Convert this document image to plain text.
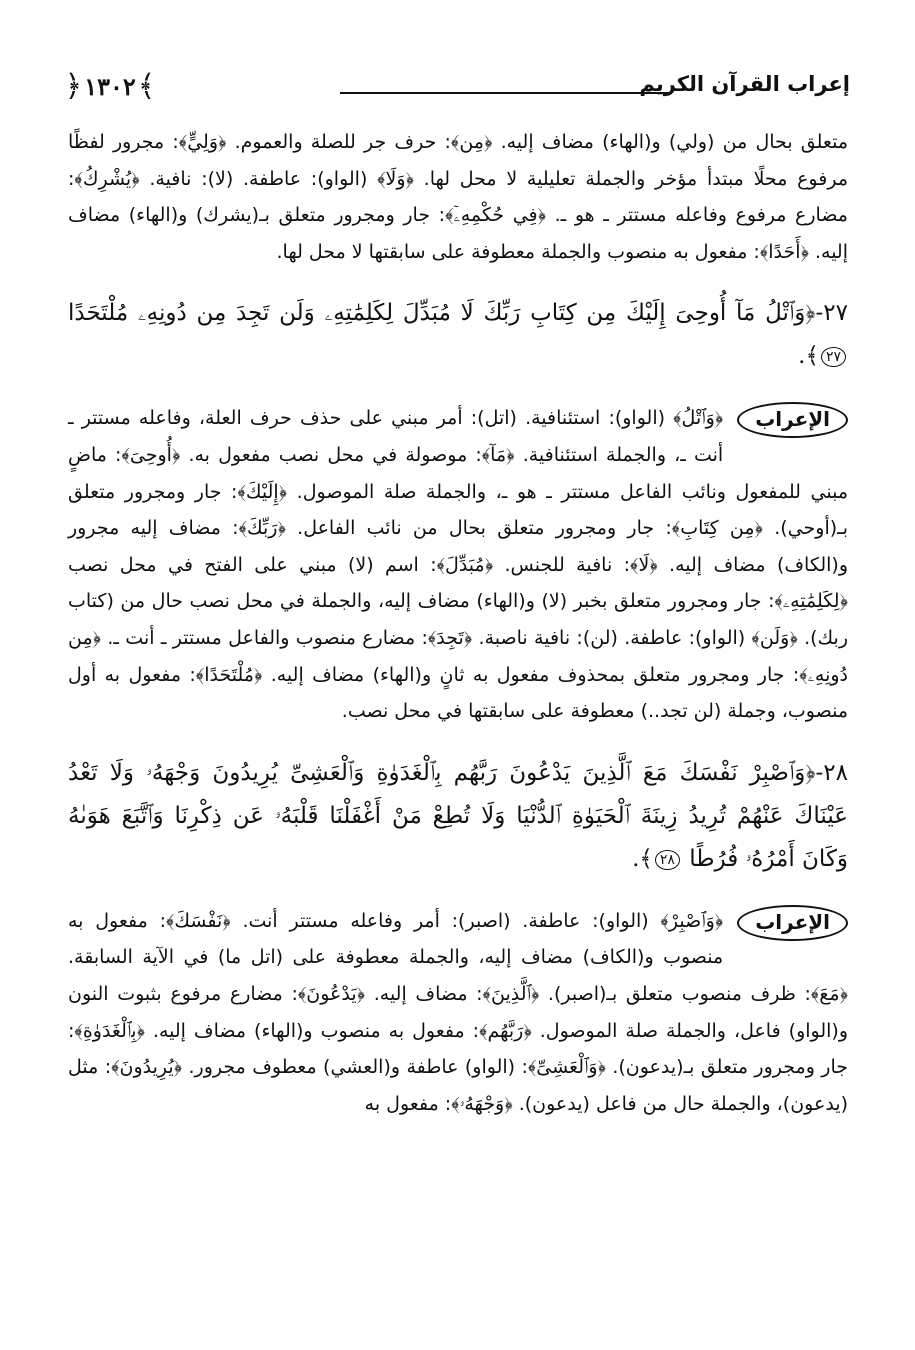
﴿ ١٣٠٢ ﴾	إعراب القرآن الكريم

متعلق بحال من (ولي) و(الهاء) مضاف إليه. ﴿مِن﴾: حرف جر للصلة والعموم. ﴿وَلِيٍّ﴾: مجرور لفظًا مرفوع محلًا مبتدأ مؤخر والجملة تعليلية لا محل لها. ﴿وَلَا﴾ (الواو): عاطفة. (لا): نافية. ﴿يُشْرِكُ﴾: مضارع مرفوع وفاعله مستتر ـ هو ـ. ﴿فِي حُكْمِهِۦٓ﴾: جار ومجرور متعلق بـ(يشرك) و(الهاء) مضاف إليه. ﴿أَحَدًا﴾: مفعول به منصوب والجملة معطوفة على سابقتها لا محل لها.

٢٧-﴿وَٱتْلُ مَآ أُوحِىَ إِلَيْكَ مِن كِتَابِ رَبِّكَ لَا مُبَدِّلَ لِكَلِمَٰتِهِۦ وَلَن تَجِدَ مِن دُونِهِۦ مُلْتَحَدًا ٢٧﴾.

الإعراب

﴿وَٱتْلُ﴾ (الواو): استئنافية. (اتل): أمر مبني على حذف حرف العلة، وفاعله مستتر ـ أنت ـ، والجملة استئنافية. ﴿مَآ﴾: موصولة في محل نصب مفعول به. ﴿أُوحِىَ﴾: ماضٍ مبني للمفعول ونائب الفاعل مستتر ـ هو ـ، والجملة صلة الموصول. ﴿إِلَيْكَ﴾: جار ومجرور متعلق بـ(أوحي). ﴿مِن كِتَابِ﴾: جار ومجرور متعلق بحال من نائب الفاعل. ﴿رَبِّكَ﴾: مضاف إليه مجرور و(الكاف) مضاف إليه. ﴿لَا﴾: نافية للجنس. ﴿مُبَدِّلَ﴾: اسم (لا) مبني على الفتح في محل نصب ﴿لِكَلِمَٰتِهِۦ﴾: جار ومجرور متعلق بخبر (لا) و(الهاء) مضاف إليه، والجملة في محل نصب حال من (كتاب ربك). ﴿وَلَن﴾ (الواو): عاطفة. (لن): نافية ناصبة. ﴿تَجِدَ﴾: مضارع منصوب والفاعل مستتر ـ أنت ـ. ﴿مِن دُونِهِۦ﴾: جار ومجرور متعلق بمحذوف مفعول به ثانٍ و(الهاء) مضاف إليه. ﴿مُلْتَحَدًا﴾: مفعول به أول منصوب، وجملة (لن تجد..) معطوفة على سابقتها في محل نصب.

٢٨-﴿وَٱصْبِرْ نَفْسَكَ مَعَ ٱلَّذِينَ يَدْعُونَ رَبَّهُم بِٱلْغَدَوٰةِ وَٱلْعَشِىِّ يُرِيدُونَ وَجْهَهُۥ وَلَا تَعْدُ عَيْنَاكَ عَنْهُمْ تُرِيدُ زِينَةَ ٱلْحَيَوٰةِ ٱلدُّنْيَا وَلَا تُطِعْ مَنْ أَغْفَلْنَا قَلْبَهُۥ عَن ذِكْرِنَا وَٱتَّبَعَ هَوَىٰهُ وَكَانَ أَمْرُهُۥ فُرُطًا ٢٨﴾.

الإعراب

﴿وَٱصْبِرْ﴾ (الواو): عاطفة. (اصبر): أمر وفاعله مستتر أنت. ﴿نَفْسَكَ﴾: مفعول به منصوب و(الكاف) مضاف إليه، والجملة معطوفة على (اتل ما) في الآية السابقة. ﴿مَعَ﴾: ظرف منصوب متعلق بـ(اصبر). ﴿ٱلَّذِينَ﴾: مضاف إليه. ﴿يَدْعُونَ﴾: مضارع مرفوع بثبوت النون و(الواو) فاعل، والجملة صلة الموصول. ﴿رَبَّهُم﴾: مفعول به منصوب و(الهاء) مضاف إليه. ﴿بِٱلْغَدَوٰةِ﴾: جار ومجرور متعلق بـ(يدعون). ﴿وَٱلْعَشِىِّ﴾: (الواو) عاطفة و(العشي) معطوف مجرور. ﴿يُرِيدُونَ﴾: مثل (يدعون)، والجملة حال من فاعل (يدعون). ﴿وَجْهَهُۥ﴾: مفعول به
